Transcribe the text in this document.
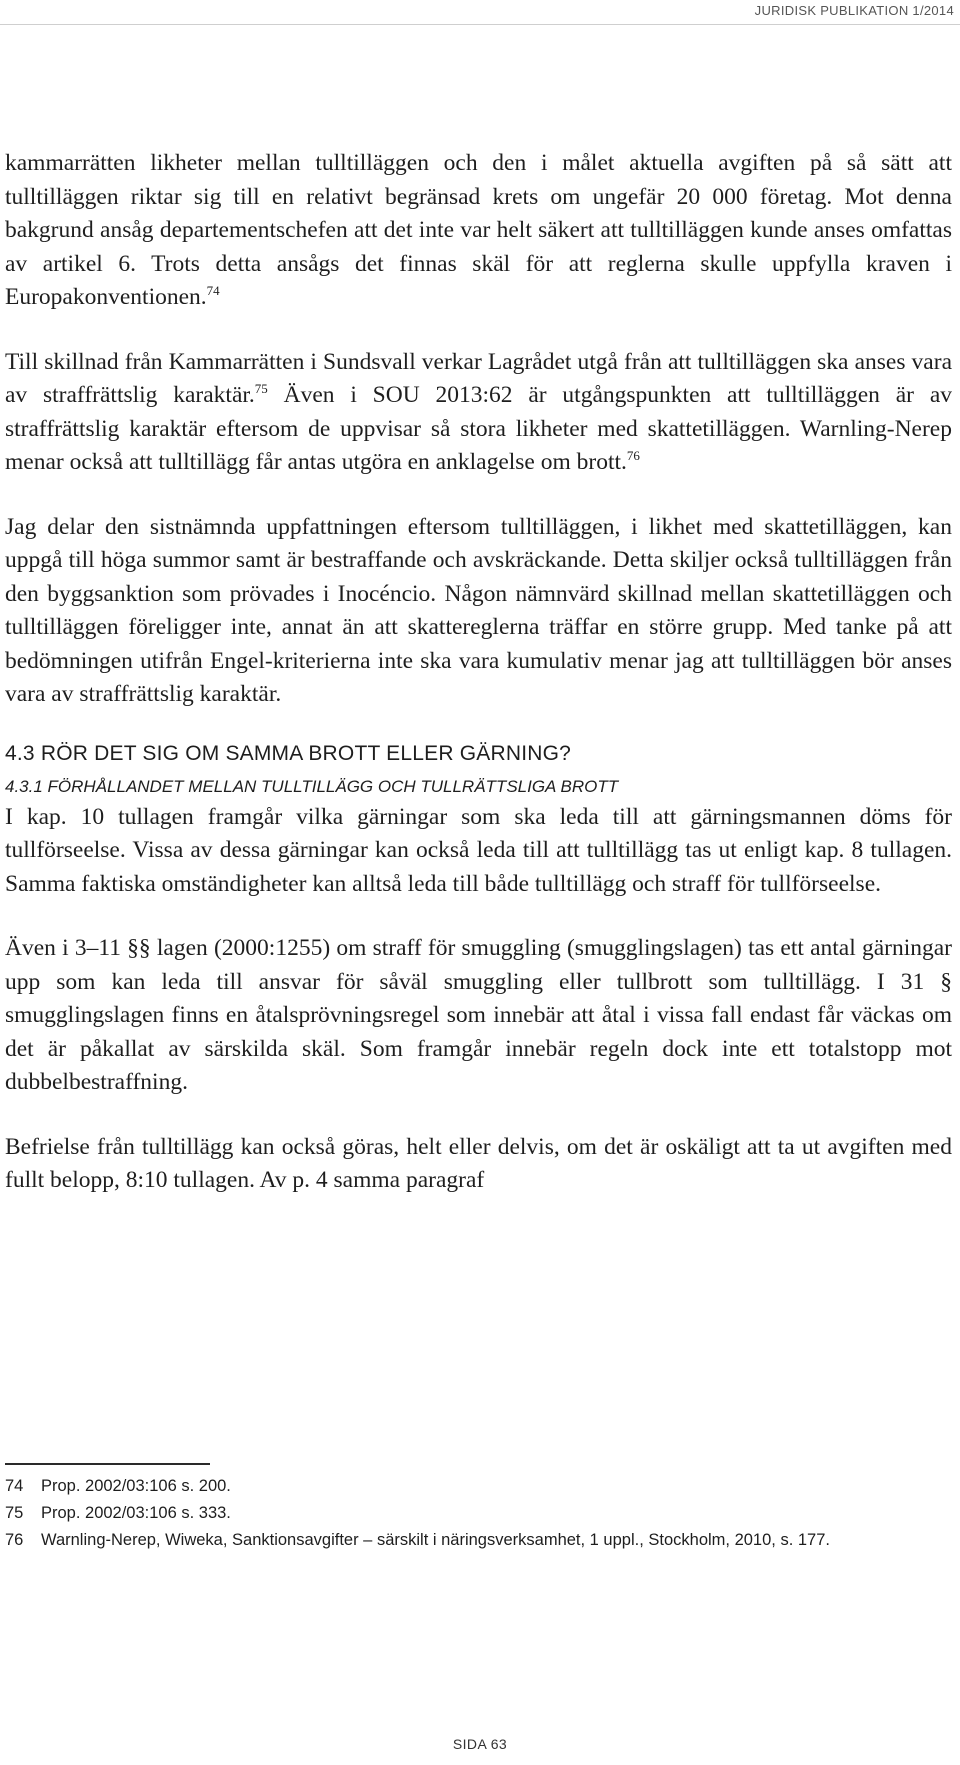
JURIDISK PUBLIKATION 1/2014

kammarrätten likheter mellan tulltilläggen och den i målet aktuella avgiften på så sätt att tulltilläggen riktar sig till en relativt begränsad krets om ungefär 20 000 företag. Mot denna bakgrund ansåg departementschefen att det inte var helt säkert att tulltilläggen kunde anses omfattas av artikel 6. Trots detta ansågs det finnas skäl för att reglerna skulle uppfylla kraven i Europakonventionen.$^{74}$

Till skillnad från Kammarrätten i Sundsvall verkar Lagrådet utgå från att tulltilläggen ska anses vara av straffrättslig karaktär.$^{75}$ Även i SOU 2013:62 är utgångspunkten att tulltilläggen är av straffrättslig karaktär eftersom de uppvisar så stora likheter med skattetilläggen. Warnling-Nerep menar också att tulltillägg får antas utgöra en anklagelse om brott.$^{76}$

Jag delar den sistnämnda uppfattningen eftersom tulltilläggen, i likhet med skattetilläggen, kan uppgå till höga summor samt är bestraffande och avskräckande. Detta skiljer också tulltilläggen från den byggsanktion som prövades i Inocéncio. Någon nämnvärd skillnad mellan skattetilläggen och tulltilläggen föreligger inte, annat än att skattereglerna träffar en större grupp. Med tanke på att bedömningen utifrån Engel-kriterierna inte ska vara kumulativ menar jag att tulltilläggen bör anses vara av straffrättslig karaktär.

4.3 RÖR DET SIG OM SAMMA BROTT ELLER GÄRNING?
4.3.1 FÖRHÅLLANDET MELLAN TULLTILLÄGG OCH TULLRÄTTSLIGA BROTT

I kap. 10 tullagen framgår vilka gärningar som ska leda till att gärningsmannen döms för tullförseelse. Vissa av dessa gärningar kan också leda till att tulltillägg tas ut enligt kap. 8 tullagen. Samma faktiska omständigheter kan alltså leda till både tulltillägg och straff för tullförseelse.

Även i 3–11 §§ lagen (2000:1255) om straff för smuggling (smugglingslagen) tas ett antal gärningar upp som kan leda till ansvar för såväl smuggling eller tullbrott som tulltillägg. I 31 § smugglingslagen finns en åtalsprövningsregel som innebär att åtal i vissa fall endast får väckas om det är påkallat av särskilda skäl. Som framgår innebär regeln dock inte ett totalstopp mot dubbelbestraffning.

Befrielse från tulltillägg kan också göras, helt eller delvis, om det är oskäligt att ta ut avgiften med fullt belopp, 8:10 tullagen. Av p. 4 samma paragraf

74	Prop. 2002/03:106 s. 200.
75	Prop. 2002/03:106 s. 333.
76	Warnling-Nerep, Wiweka, Sanktionsavgifter – särskilt i näringsverksamhet, 1 uppl., Stockholm, 2010, s. 177.
SIDA 63
